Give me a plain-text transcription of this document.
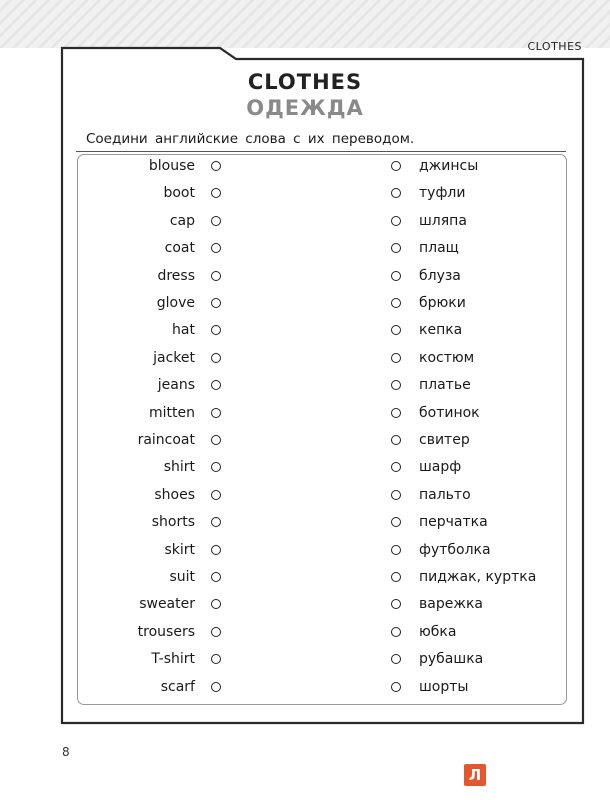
CLOTHES
CLOTHES
ОДЕЖДА
Соедини английские слова с их переводом.
blouse	джинсы
boot	туфли
cap	шляпа
coat	плащ
dress	блуза
glove	брюки
hat	кепка
jacket	костюм
jeans	платье
mitten	ботинок
raincoat	свитер
shirt	шарф
shoes	пальто
shorts	перчатка
skirt	футболка
suit	пиджак, куртка
sweater	варежка
trousers	юбка
T-shirt	рубашка
scarf	шорты
8
Л
